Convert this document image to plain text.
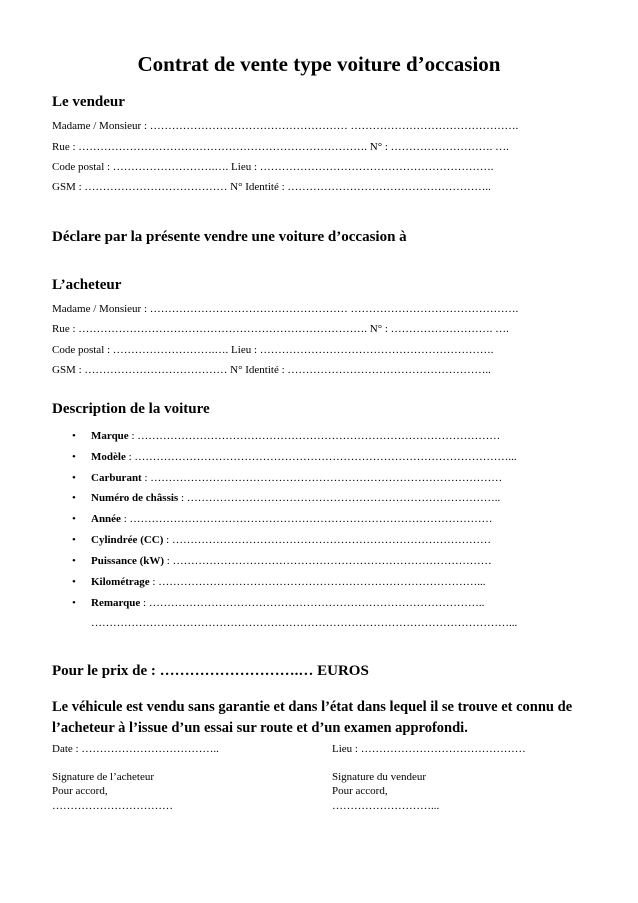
Contrat de vente type voiture d’occasion
Le vendeur
Madame / Monsieur : ……………………………………………… ……………………………………….
Rue : ……………………………………………………………………. N° : ………………………. ….
Code postal : ……………………….…. Lieu : ……………………………………………………….
GSM : ………………………………… N° Identité : ………………………………………………..
Déclare par la présente vendre une voiture d’occasion à
L’acheteur
Madame / Monsieur : ……………………………………………… ……………………………………….
Rue : ……………………………………………………………………. N° : ………………………. ….
Code postal : ……………………….…. Lieu : ……………………………………………………….
GSM : ………………………………… N° Identité : ………………………………………………..
Description de la voiture
• Marque : ………………………………………………………………………………………
• Modèle : …………………………………………………………………………………………...
• Carburant : ……………………………………………………………………………………
• Numéro de châssis : …………………………………………………………………………..
• Année : ………………………………………………………………………………………
• Cylindrée (CC) : ……………………………………………………………………………
• Puissance (kW) : ……………………………………………………………………………
• Kilométrage : ……………………………………………………………………………...
• Remarque : ………………………………………………………………………………..
……………………………………………………………………………………………………...
Pour le prix de : ……………………….… EUROS
Le véhicule est vendu sans garantie et dans l’état dans lequel il se trouve et connu de l’acheteur à l’issue d’un essai sur route et d’un examen approfondi.
Date : ………………………………..	Lieu : ………………………………………
Signature de l’acheteur	Signature du vendeur
Pour accord,	Pour accord,
……………………………	………………………...
